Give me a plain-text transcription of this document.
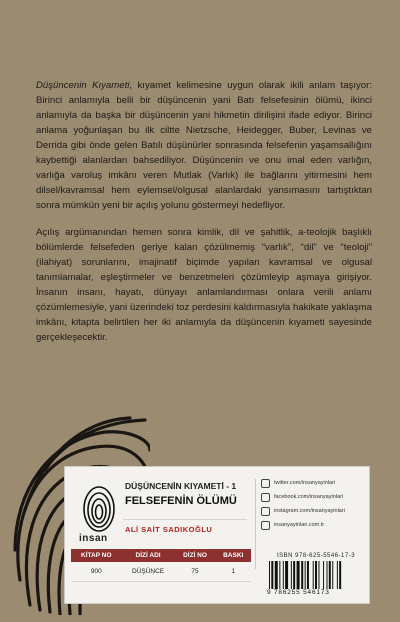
Düşüncenin Kıyameti, kıyamet kelimesine uygun olarak ikili anlam taşıyor: Birinci anlamıyla belli bir düşüncenin yani Batı felsefesinin ölümü, ikinci anlamıyla da başka bir düşüncenin yani hikmetin dirilişini ifade ediyor. Birinci anlama yoğunlaşan bu ilk ciltte Nietzsche, Heidegger, Buber, Levinas ve Derrida gibi önde gelen Batılı düşünürler sonrasında felsefenin yaşamsallığını kaybettiği alanlardan bahsediliyor. Düşüncenin ve onu imal eden varlığın, varlığa varoluş imkânı veren Mutlak (Varlık) ile bağlarını yitirmesini hem dilsel/kavramsal hem eylemsel/olgusal alanlardaki yansımasını tartıştıktan sonra mümkün yeni bir açılış yolunu göstermeyi hedefliyor.

Açılış argümanından hemen sonra kimlik, dil ve şahitlik, a-teolojik başlıklı bölümlerde felsefeden geriye kalan çözülmemiş “varlık”, “dil” ve “teoloji” (ilahiyat) sorunlarını, imajinatif biçimde yapılan kavramsal ve olgusal tanımlamalar, eşleştirmeler ve benzetmeleri çözümleyip aşmaya girişiyor. İnsanın insanı, hayatı, dünyayı anlamlandırması onlara verili anlamı çözümlemesiyle, yani üzerindeki toz perdesini kaldırmasıyla hakikate yaklaşma imkânı, kitapta belirtilen her iki anlamıyla da düşüncenin kıyameti sayesinde gerçekleşecektir.

insan
DÜŞÜNCENİN KIYAMETİ - 1
FELSEFENİN ÖLÜMÜ
ALİ SAİT SADIKOĞLU
KİTAP NO	DİZİ ADI	DİZİ NO	BASKI
900	DÜŞÜNCE	75	1
twitter.com/insanyayinlari
facebook.com/insanyayinlari
instagram.com/insanyayinlari
insanyayinlari.com.tr
ISBN 978-625-5546-17-3
9 786255 546173
